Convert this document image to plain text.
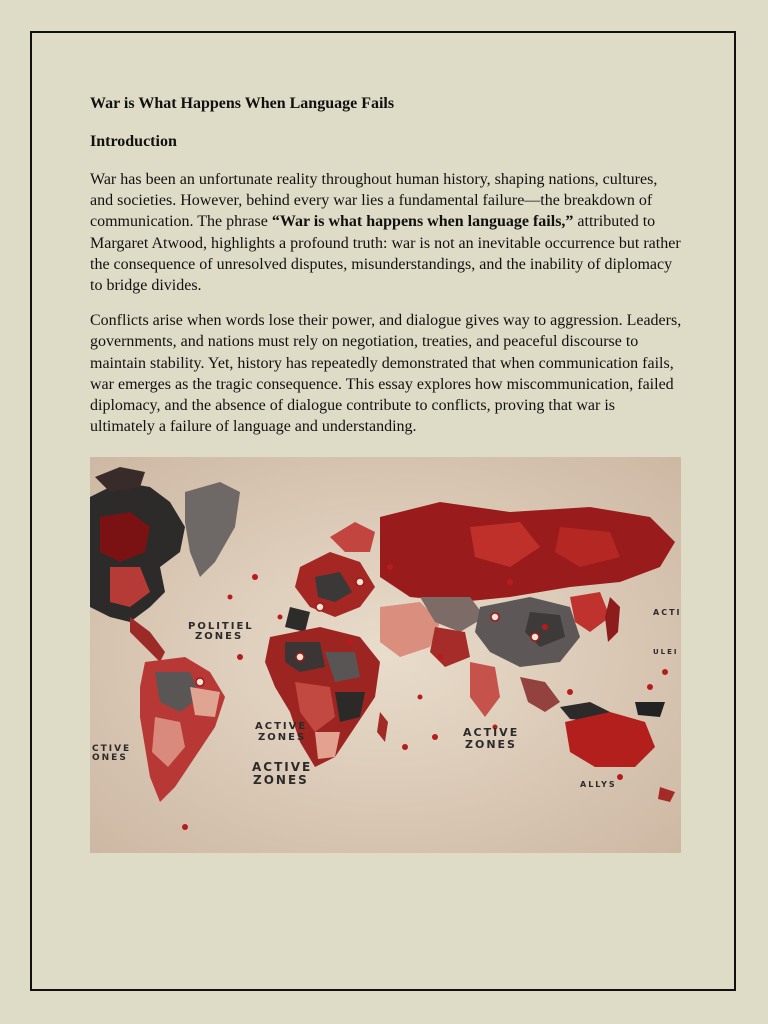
War is What Happens When Language Fails

Introduction

War has been an unfortunate reality throughout human history, shaping nations, cultures, and societies. However, behind every war lies a fundamental failure—the breakdown of communication. The phrase “War is what happens when language fails,” attributed to Margaret Atwood, highlights a profound truth: war is not an inevitable occurrence but rather the consequence of unresolved disputes, misunderstandings, and the inability of diplomacy to bridge divides.

Conflicts arise when words lose their power, and dialogue gives way to aggression. Leaders, governments, and nations must rely on negotiation, treaties, and peaceful discourse to maintain stability. Yet, history has repeatedly demonstrated that when communication fails, war emerges as the tragic consequence. This essay explores how miscommunication, failed diplomacy, and the absence of dialogue contribute to conflicts, proving that war is ultimately a failure of language and understanding.

POLITIEL
ZONES
ACTIVE
ZONES
ACTIVE
ZONES
ACTIVE
ZONES
CTIVE
ONES
ACTI
ULEI
ALLYS
